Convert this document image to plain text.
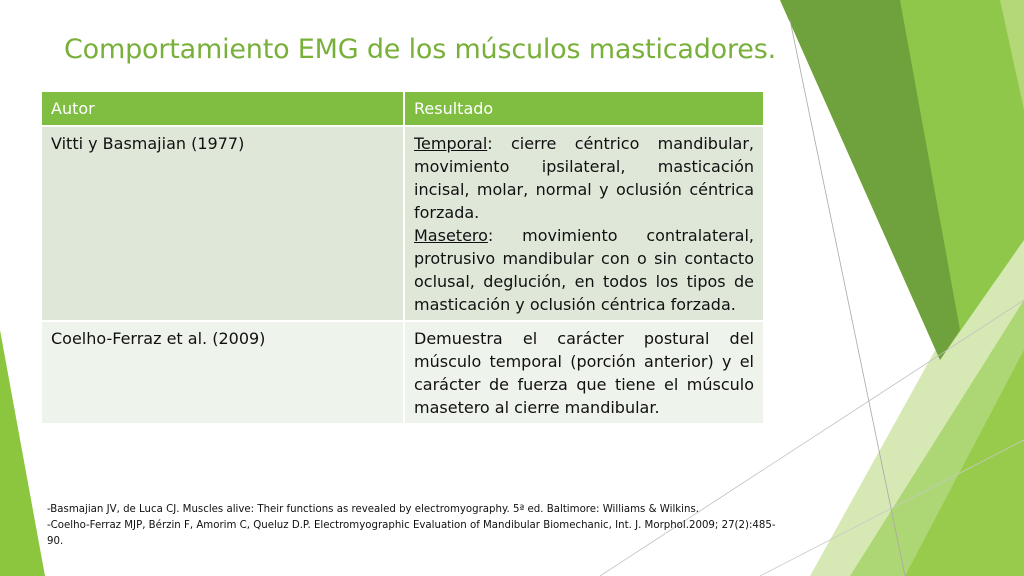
Comportamiento EMG de los músculos masticadores.
Autor	Resultado
Vitti y Basmajian (1977)	Temporal: cierre céntrico mandibular, movimiento ipsilateral, masticación incisal, molar, normal y oclusión céntrica forzada.
Masetero: movimiento contralateral, protrusivo mandibular con o sin contacto oclusal, deglución, en todos los tipos de masticación y oclusión céntrica forzada.
Coelho-Ferraz et al. (2009)	Demuestra el carácter postural del músculo temporal (porción anterior) y el carácter de fuerza que tiene el músculo masetero al cierre mandibular.

-Basmajian JV, de Luca CJ. Muscles alive: Their functions as revealed by electromyography. 5ª ed. Baltimore: Williams & Wilkins.

-Coelho-Ferraz MJP, Bérzin F, Amorim C, Queluz D.P. Electromyographic Evaluation of Mandibular Biomechanic, Int. J. Morphol.2009; 27(2):485-90.
